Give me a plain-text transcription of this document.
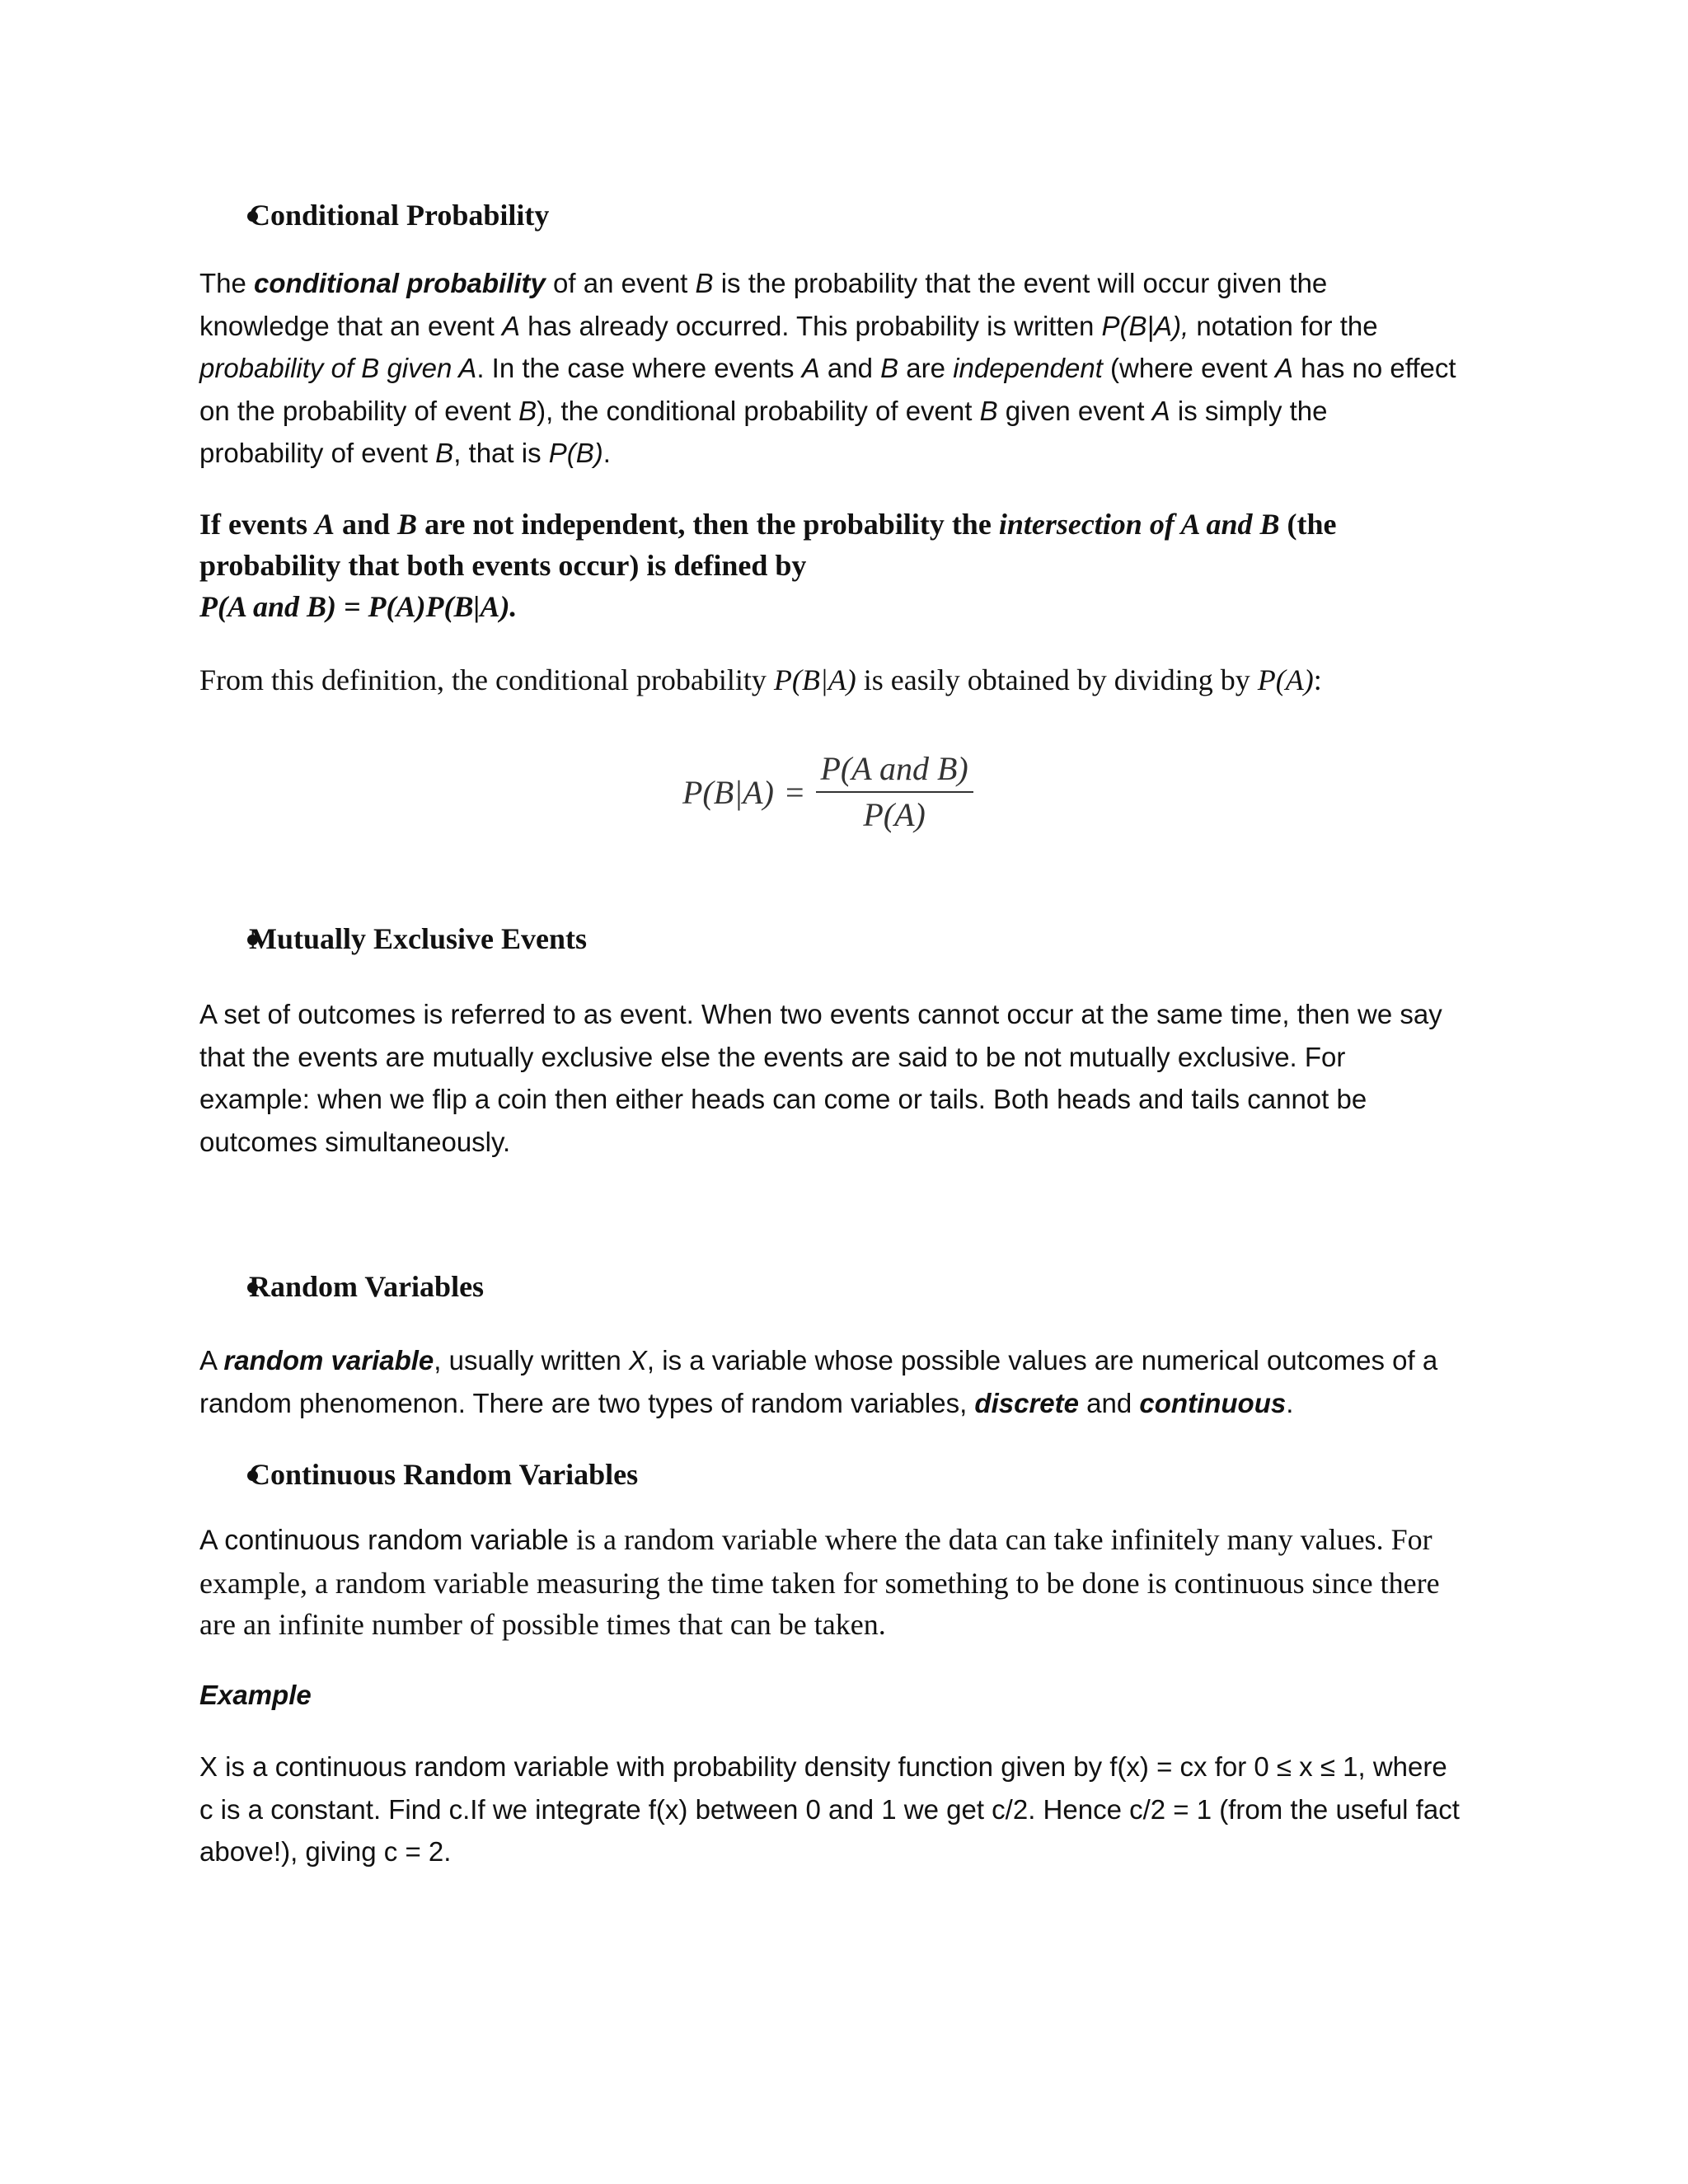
Conditional Probability
The conditional probability of an event B is the probability that the event will occur given the
knowledge that an event A has already occurred. This probability is written P(B|A), notation for the
probability of B given A. In the case where events A and B are independent (where event A has no effect
on the probability of event B), the conditional probability of event B given event A is simply the
probability of event B, that is P(B).
If events A and B are not independent, then the probability the intersection of A and B (the
probability that both events occur) is defined by
P(A and B) = P(A)P(B|A).
From this definition, the conditional probability P(B|A) is easily obtained by dividing by P(A):
$P(B|A) = \frac{\text{P(A and B)}}{P(A)}$
Mutually Exclusive Events
A set of outcomes is referred to as event. When two events cannot occur at the same time, then we say
that the events are mutually exclusive else the events are said to be not mutually exclusive. For
example: when we flip a coin then either heads can come or tails. Both heads and tails cannot be
outcomes simultaneously.
Random Variables
A random variable, usually written X, is a variable whose possible values are numerical outcomes of a
random phenomenon. There are two types of random variables, discrete and continuous.
Continuous Random Variables
A continuous random variable is a random variable where the data can take infinitely many values. For
example, a random variable measuring the time taken for something to be done is continuous since there
are an infinite number of possible times that can be taken.
Example
X is a continuous random variable with probability density function given by f(x) = cx for 0 ≤ x ≤ 1, where
c is a constant. Find c.If we integrate f(x) between 0 and 1 we get c/2. Hence c/2 = 1 (from the useful fact
above!), giving c = 2.
